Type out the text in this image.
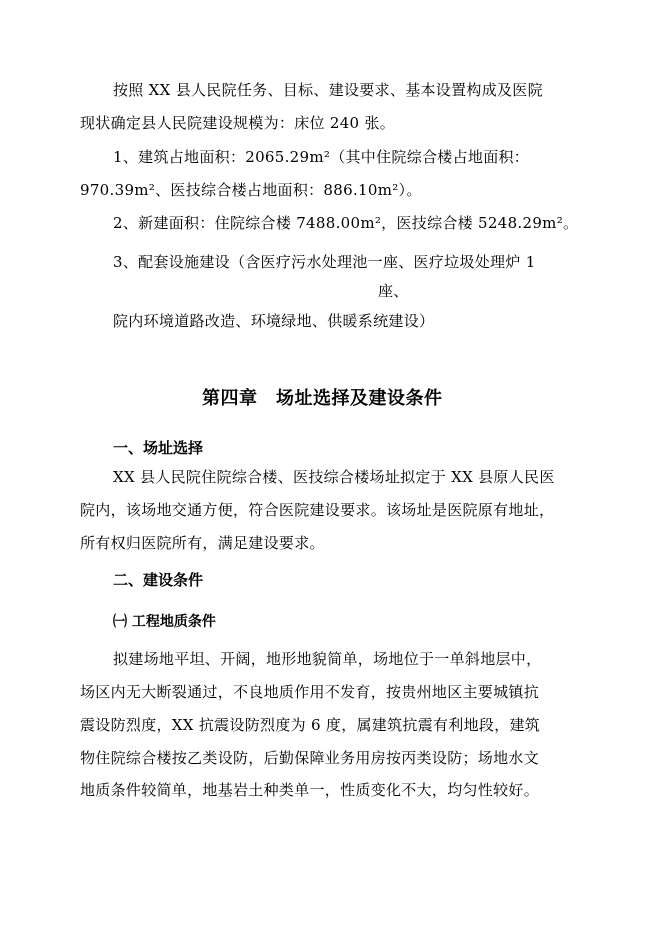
按照 XX 县人民院任务、目标、建设要求、基本设置构成及医院
现状确定县人民院建设规模为：床位 240 张。
1、建筑占地面积：2065.29m²（其中住院综合楼占地面积：
970.39m²、医技综合楼占地面积：886.10m²）。
2、新建面积：住院综合楼 7488.00m²，医技综合楼 5248.29m²。
3、配套设施建设（含医疗污水处理池一座、医疗垃圾处理炉 1
座、
院内环境道路改造、环境绿地、供暖系统建设）
第四章　场址选择及建设条件
一、场址选择
XX 县人民院住院综合楼、医技综合楼场址拟定于 XX 县原人民医
院内，该场地交通方便，符合医院建设要求。该场址是医院原有地址，
所有权归医院所有，满足建设要求。
二、建设条件
㈠ 工程地质条件
拟建场地平坦、开阔，地形地貌简单，场地位于一单斜地层中，
场区内无大断裂通过，不良地质作用不发育，按贵州地区主要城镇抗
震设防烈度，XX 抗震设防烈度为 6 度，属建筑抗震有利地段，建筑
物住院综合楼按乙类设防，后勤保障业务用房按丙类设防；场地水文
地质条件较简单，地基岩土种类单一，性质变化不大，均匀性较好。
